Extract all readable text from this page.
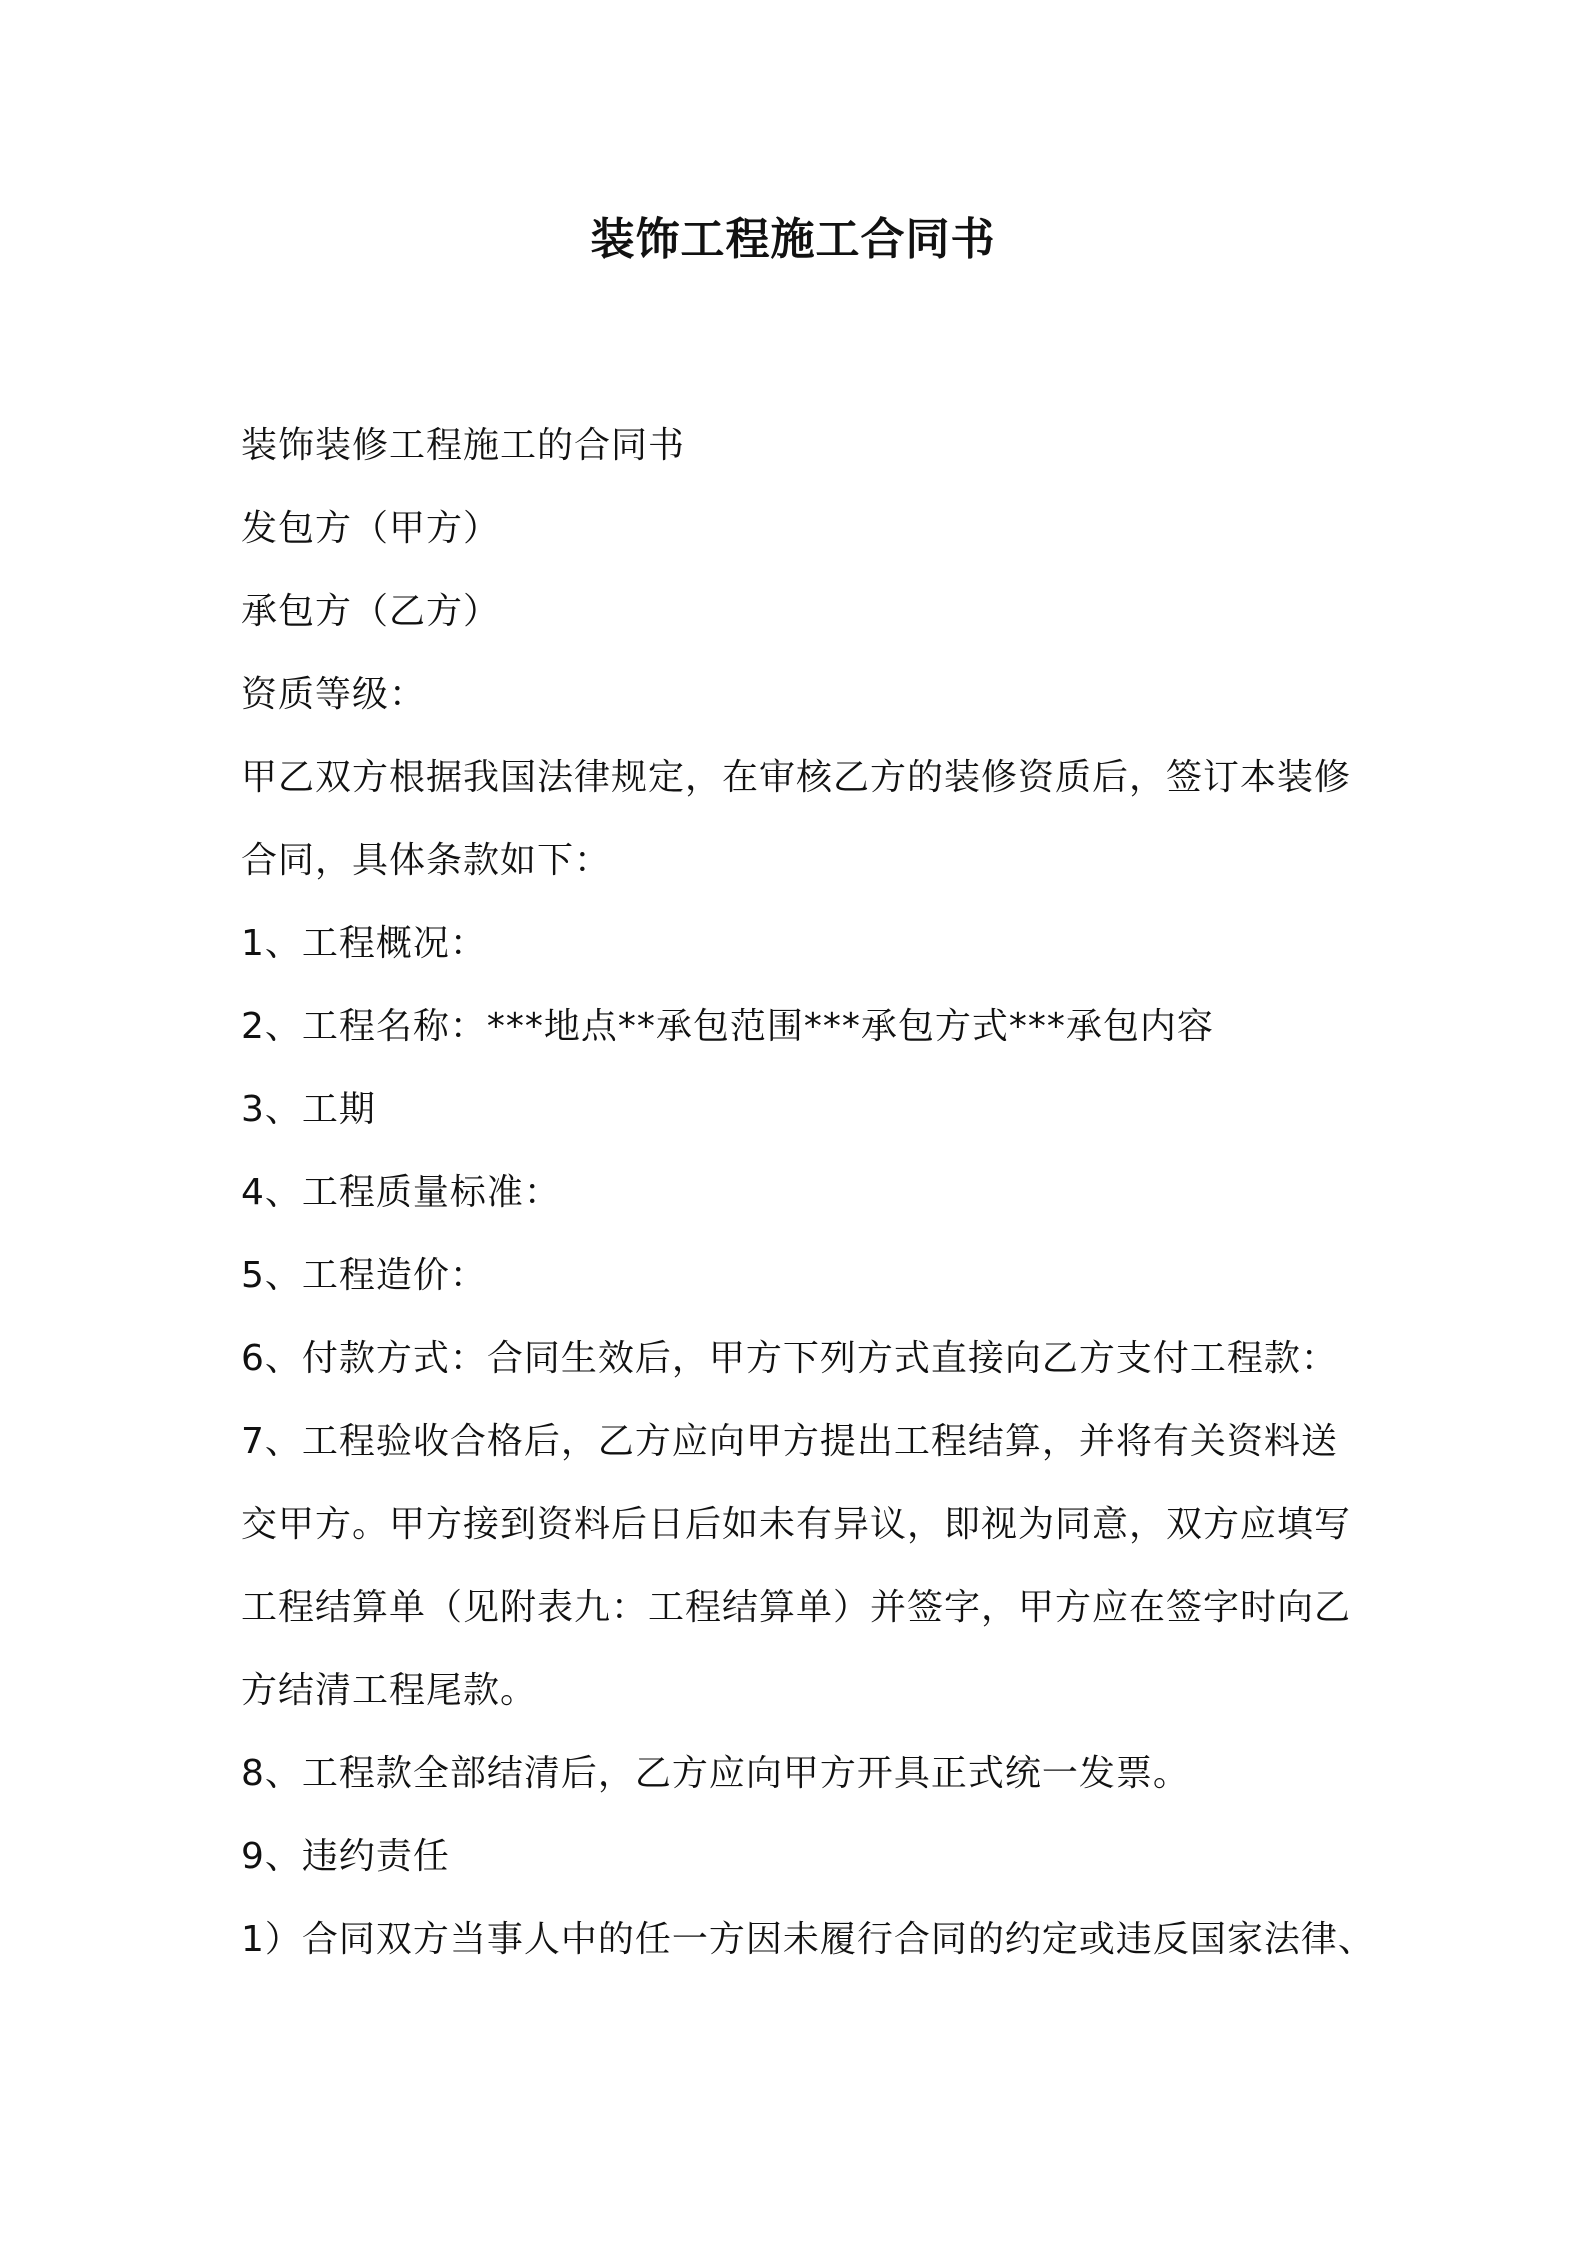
装饰工程施工合同书
装饰装修工程施工的合同书
发包方（甲方）
承包方（乙方）
资质等级：
甲乙双方根据我国法律规定，在审核乙方的装修资质后，签订本装修
合同，具体条款如下：
1、工程概况：
2、工程名称：***地点**承包范围***承包方式***承包内容
3、工期
4、工程质量标准：
5、工程造价：
6、付款方式：合同生效后，甲方下列方式直接向乙方支付工程款：
7、工程验收合格后，乙方应向甲方提出工程结算，并将有关资料送
交甲方。甲方接到资料后日后如未有异议，即视为同意，双方应填写
工程结算单（见附表九：工程结算单）并签字，甲方应在签字时向乙
方结清工程尾款。
8、工程款全部结清后，乙方应向甲方开具正式统一发票。
9、违约责任
1）合同双方当事人中的任一方因未履行合同的约定或违反国家法律、
